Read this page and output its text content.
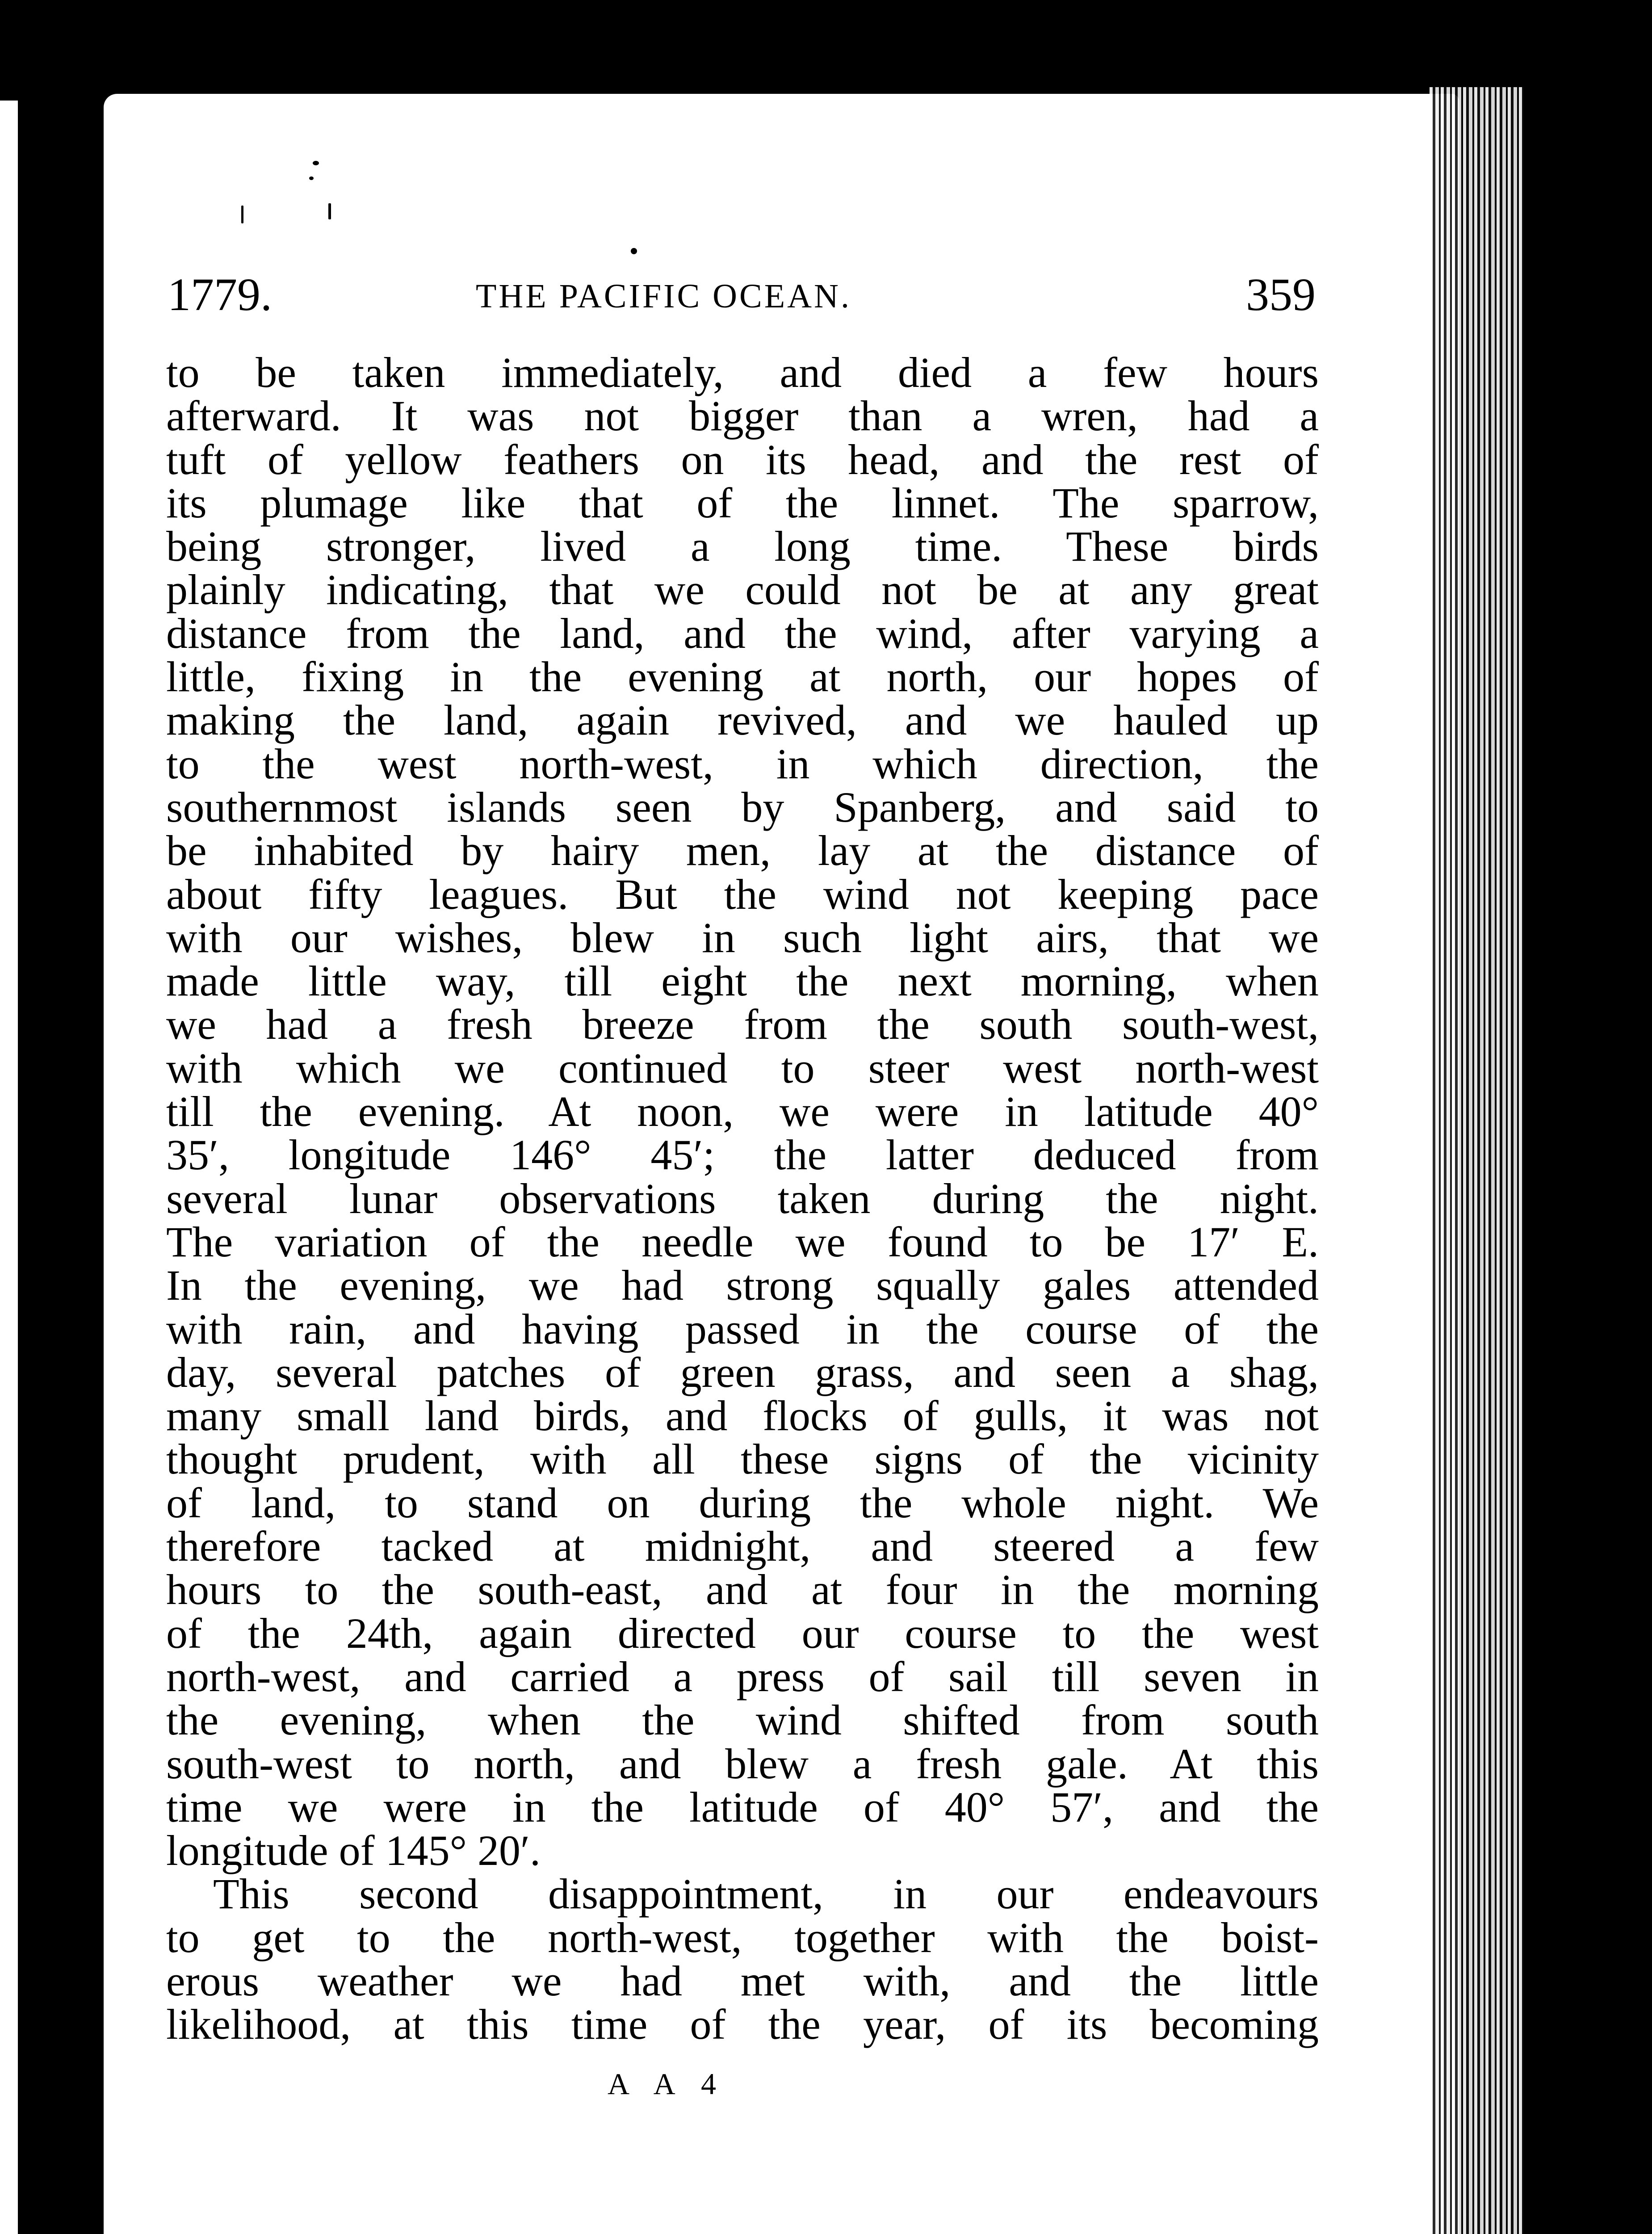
1779.	THE PACIFIC OCEAN.	359
to be taken immediately, and died a few hours
afterward. It was not bigger than a wren, had a
tuft of yellow feathers on its head, and the rest of
its plumage like that of the linnet. The sparrow,
being stronger, lived a long time. These birds
plainly indicating, that we could not be at any great
distance from the land, and the wind, after varying a
little, fixing in the evening at north, our hopes of
making the land, again revived, and we hauled up
to the west north-west, in which direction, the
southernmost islands seen by Spanberg, and said to
be inhabited by hairy men, lay at the distance of
about fifty leagues. But the wind not keeping pace
with our wishes, blew in such light airs, that we
made little way, till eight the next morning, when
we had a fresh breeze from the south south-west,
with which we continued to steer west north-west
till the evening. At noon, we were in latitude 40°
35′, longitude 146° 45′; the latter deduced from
several lunar observations taken during the night.
The variation of the needle we found to be 17′ E.
In the evening, we had strong squally gales attended
with rain, and having passed in the course of the
day, several patches of green grass, and seen a shag,
many small land birds, and flocks of gulls, it was not
thought prudent, with all these signs of the vicinity
of land, to stand on during the whole night. We
therefore tacked at midnight, and steered a few
hours to the south-east, and at four in the morning
of the 24th, again directed our course to the west
north-west, and carried a press of sail till seven in
the evening, when the wind shifted from south
south-west to north, and blew a fresh gale. At this
time we were in the latitude of 40° 57′, and the
longitude of 145° 20′.
This second disappointment, in our endeavours
to get to the north-west, together with the boist-
erous weather we had met with, and the little
likelihood, at this time of the year, of its becoming
A A 4
